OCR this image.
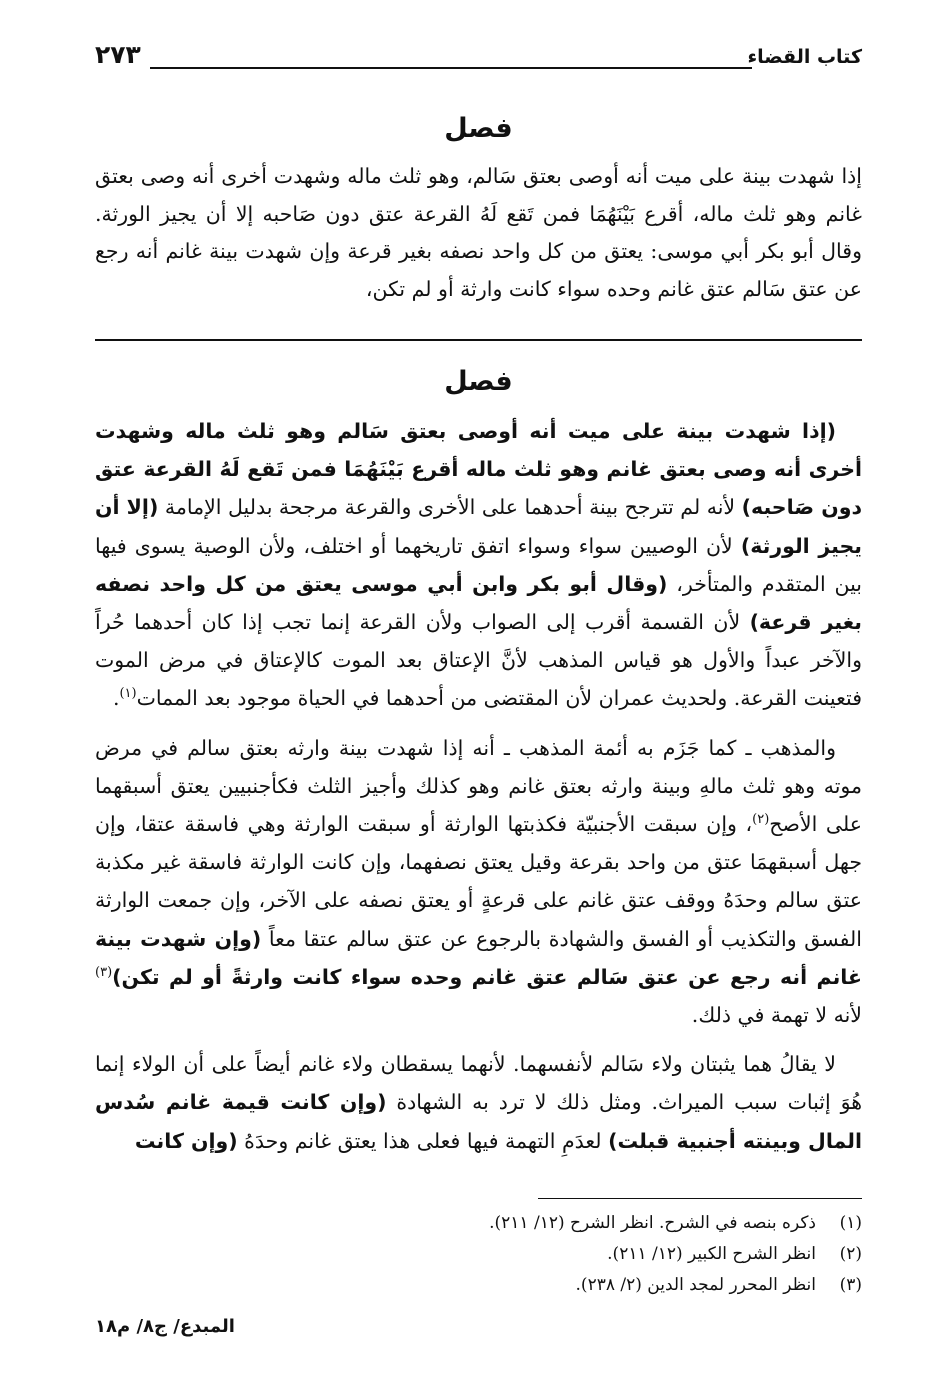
كتاب القضاء
٢٧٣
فصل
إذا شهدت بينة على ميت أنه أوصى بعتق سَالم، وهو ثلث ماله وشهدت أخرى أنه وصى بعتق غانم وهو ثلث ماله، أقرع بَيْنَهُمَا فمن تَقع لَهُ القرعة عتق دون صَاحبه إلا أن يجيز الورثة. وقال أبو بكر أبي موسى: يعتق من كل واحد نصفه بغير قرعة وإن شهدت بينة غانم أنه رجع عن عتق سَالم عتق غانم وحده سواء كانت وارثة أو لم تكن،
فصل

(إذا شهدت بينة على ميت أنه أوصى بعتق سَالم وهو ثلث ماله وشهدت أخرى أنه وصى بعتق غانم وهو ثلث ماله أقرع بَيْنَهُمَا فمن تَقع لَهُ القرعة عتق دون صَاحبه) لأنه لم تترجح بينة أحدهما على الأخرى والقرعة مرجحة بدليل الإمامة (إلا أن يجيز الورثة) لأن الوصيين سواء وسواء اتفق تاريخهما أو اختلف، ولأن الوصية يسوى فيها بين المتقدم والمتأخر، (وقال أبو بكر وابن أبي موسى يعتق من كل واحد نصفه بغير قرعة) لأن القسمة أقرب إلى الصواب ولأن القرعة إنما تجب إذا كان أحدهما حُراً والآخر عبداً والأول هو قياس المذهب لأنَّ الإعتاق بعد الموت كالإعتاق في مرض الموت فتعينت القرعة. ولحديث عمران لأن المقتضى من أحدهما في الحياة موجود بعد الممات$^{(١)}$.

والمذهب ـ كما جَزَم به أئمة المذهب ـ أنه إذا شهدت بينة وارثه بعتق سالم في مرض موته وهو ثلث مالهِ وبينة وارثه بعتق غانم وهو كذلك وأجيز الثلث فكأجنبيين يعتق أسبقهما على الأصح$^{(٢)}$، وإن سبقت الأجنبيّة فكذبتها الوارثة أو سبقت الوارثة وهي فاسقة عتقا، وإن جهل أسبقهمَا عتق من واحد بقرعة وقيل يعتق نصفهما، وإن كانت الوارثة فاسقة غير مكذبة عتق سالم وحدَهُ ووقف عتق غانم على قرعةٍ أو يعتق نصفه على الآخر، وإن جمعت الوارثة الفسق والتكذيب أو الفسق والشهادة بالرجوع عن عتق سالم عتقا معاً (وإن شهدت بينة غانم أنه رجع عن عتق سَالم عتق غانم وحده سواء كانت وارثةً أو لم تكن)$^{(٣)}$ لأنه لا تهمة في ذلك.

لا يقالُ هما يثبتان ولاء سَالم لأنفسهما. لأنهما يسقطان ولاء غانم أيضاً على أن الولاء إنما هُوَ إثبات سبب الميراث. ومثل ذلك لا ترد به الشهادة (وإن كانت قيمة غانم سُدس المال وبينته أجنبية قبلت) لعدَمِ التهمة فيها فعلى هذا يعتق غانم وحدَهُ (وإن كانت

(١)ذكره بنصه في الشرح. انظر الشرح (١٢/ ٢١١).
(٢)انظر الشرح الكبير (١٢/ ٢١١).
(٣)انظر المحرر لمجد الدين (٢/ ٢٣٨).
المبدع/ ج٨/ م١٨
